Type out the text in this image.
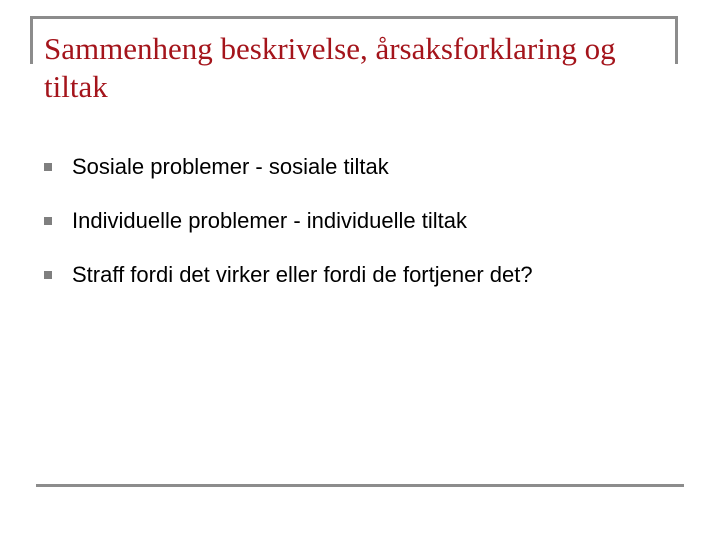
Sammenheng beskrivelse, årsaksforklaring og tiltak
Sosiale problemer - sosiale tiltak
Individuelle problemer - individuelle tiltak
Straff fordi det virker eller fordi de fortjener det?
